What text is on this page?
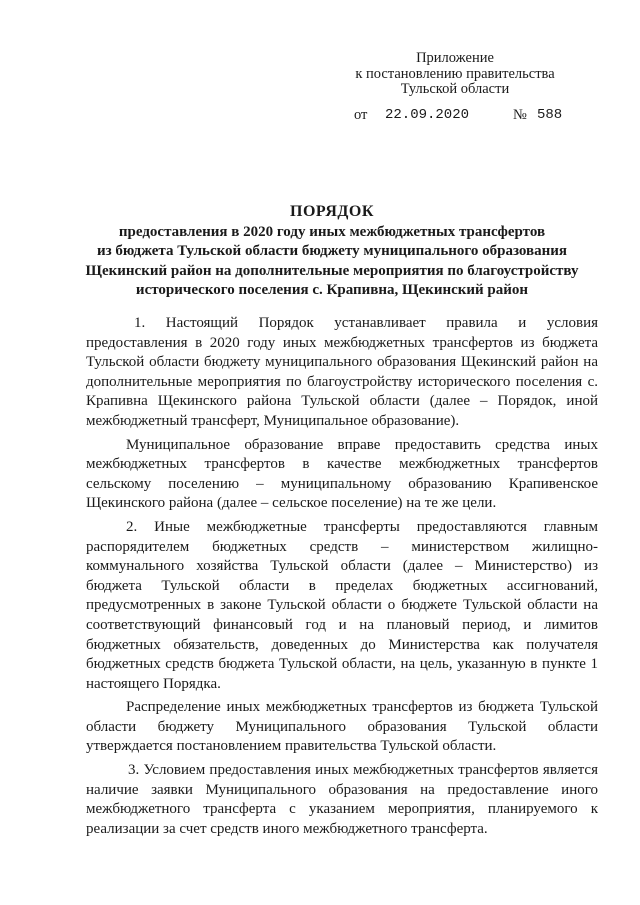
Приложение
к постановлению правительства
Тульской области
от 22.09.2020	№ 588
ПОРЯДОК
предоставления в 2020 году иных межбюджетных трансфертов
из бюджета Тульской области бюджету муниципального образования
Щекинский район на дополнительные мероприятия по благоустройству
исторического поселения с. Крапивна, Щекинский район

1. Настоящий Порядок устанавливает правила и условия предоставления в 2020 году иных межбюджетных трансфертов из бюджета Тульской области бюджету муниципального образования Щекинский район на дополнительные мероприятия по благоустройству исторического поселения с. Крапивна Щекинского района Тульской области (далее – Порядок, иной межбюджетный трансферт, Муниципальное образование).

Муниципальное образование вправе предоставить средства иных межбюджетных трансфертов в качестве межбюджетных трансфертов сельскому поселению – муниципальному образованию Крапивенское Щекинского района (далее – сельское поселение) на те же цели.

2. Иные межбюджетные трансферты предоставляются главным распорядителем бюджетных средств – министерством жилищно-коммунального хозяйства Тульской области (далее – Министерство) из бюджета Тульской области в пределах бюджетных ассигнований, предусмотренных в законе Тульской области о бюджете Тульской области на соответствующий финансовый год и на плановый период, и лимитов бюджетных обязательств, доведенных до Министерства как получателя бюджетных средств бюджета Тульской области, на цель, указанную в пункте 1 настоящего Порядка.

Распределение иных межбюджетных трансфертов из бюджета Тульской области бюджету Муниципального образования Тульской области утверждается постановлением правительства Тульской области.

3. Условием предоставления иных межбюджетных трансфертов является наличие заявки Муниципального образования на предоставление иного межбюджетного трансферта с указанием мероприятия, планируемого к реализации за счет средств иного межбюджетного трансферта.
